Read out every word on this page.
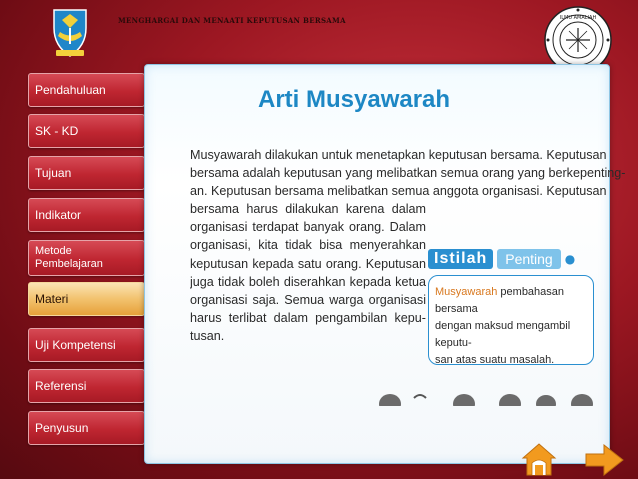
MENGHARGAI DAN MENAATI KEPUTUSAN BERSAMA	ILMU AMALIAH
Pendahuluan
SK - KD
Tujuan
Indikator
Metode
Pembelajaran
Materi
Uji Kompetensi
Referensi
Penyusun
Arti Musyawarah
Musyawarah dilakukan untuk menetapkan keputusan bersama. Keputusan
bersama adalah keputusan yang melibatkan semua orang yang berkepenting-
an. Keputusan bersama melibatkan semua anggota organisasi. Keputusan
bersama harus dilakukan karena dalam
organisasi terdapat banyak orang. Dalam
organisasi, kita tidak bisa menyerahkan
keputusan kepada satu orang. Keputusan
juga tidak boleh diserahkan kepada ketua
organisasi saja. Semua warga organisasi
harus terlibat dalam pengambilan kepu-
tusan.
Istilah	Penting	●
Musyawarah pembahasan bersama
dengan maksud mengambil keputu-
san atas suatu masalah.
